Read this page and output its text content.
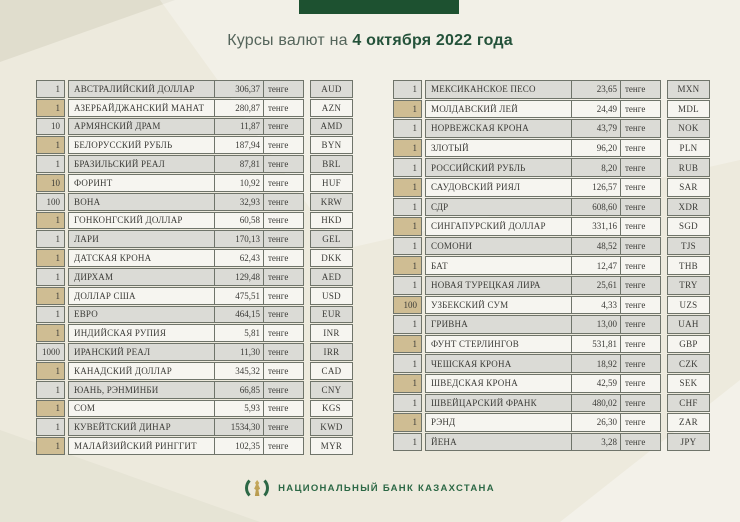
Курсы валют на 4 октября 2022 года
1	АВСТРАЛИЙСКИЙ ДОЛЛАР	306,37 тенге	AUD
1	АЗЕРБАЙДЖАНСКИЙ МАНАТ	280,87 тенге	AZN
10	АРМЯНСКИЙ ДРАМ	11,87 тенге	AMD
1	БЕЛОРУССКИЙ РУБЛЬ	187,94 тенге	BYN
1	БРАЗИЛЬСКИЙ РЕАЛ	87,81 тенге	BRL
10	ФОРИНТ	10,92 тенге	HUF
100	ВОНА	32,93 тенге	KRW
1	ГОНКОНГСКИЙ ДОЛЛАР	60,58 тенге	HKD
1	ЛАРИ	170,13 тенге	GEL
1	ДАТСКАЯ КРОНА	62,43 тенге	DKK
1	ДИРХАМ	129,48 тенге	AED
1	ДОЛЛАР США	475,51 тенге	USD
1	ЕВРО	464,15 тенге	EUR
1	ИНДИЙСКАЯ РУПИЯ	5,81 тенге	INR
1000	ИРАНСКИЙ РЕАЛ	11,30 тенге	IRR
1	КАНАДСКИЙ ДОЛЛАР	345,32 тенге	CAD
1	ЮАНЬ, РЭНМИНБИ	66,85 тенге	CNY
1	СОМ	5,93 тенге	KGS
1	КУВЕЙТСКИЙ ДИНАР	1534,30 тенге	KWD
1	МАЛАЙЗИЙСКИЙ РИНГГИТ	102,35 тенге	MYR
1	МЕКСИКАНСКОЕ ПЕСО	23,65 тенге	MXN
1	МОЛДАВСКИЙ ЛЕЙ	24,49 тенге	MDL
1	НОРВЕЖСКАЯ КРОНА	43,79 тенге	NOK
1	ЗЛОТЫЙ	96,20 тенге	PLN
1	РОССИЙСКИЙ РУБЛЬ	8,20 тенге	RUB
1	САУДОВСКИЙ РИЯЛ	126,57 тенге	SAR
1	СДР	608,60 тенге	XDR
1	СИНГАПУРСКИЙ ДОЛЛАР	331,16 тенге	SGD
1	СОМОНИ	48,52 тенге	TJS
1	БАТ	12,47 тенге	THB
1	НОВАЯ ТУРЕЦКАЯ ЛИРА	25,61 тенге	TRY
100	УЗБЕКСКИЙ СУМ	4,33 тенге	UZS
1	ГРИВНА	13,00 тенге	UAH
1	ФУНТ СТЕРЛИНГОВ	531,81 тенге	GBP
1	ЧЕШСКАЯ КРОНА	18,92 тенге	CZK
1	ШВЕДСКАЯ КРОНА	42,59 тенге	SEK
1	ШВЕЙЦАРСКИЙ ФРАНК	480,02 тенге	CHF
1	РЭНД	26,30 тенге	ZAR
1	ЙЕНА	3,28 тенге	JPY
НАЦИОНАЛЬНЫЙ БАНК КАЗАХСТАНА
